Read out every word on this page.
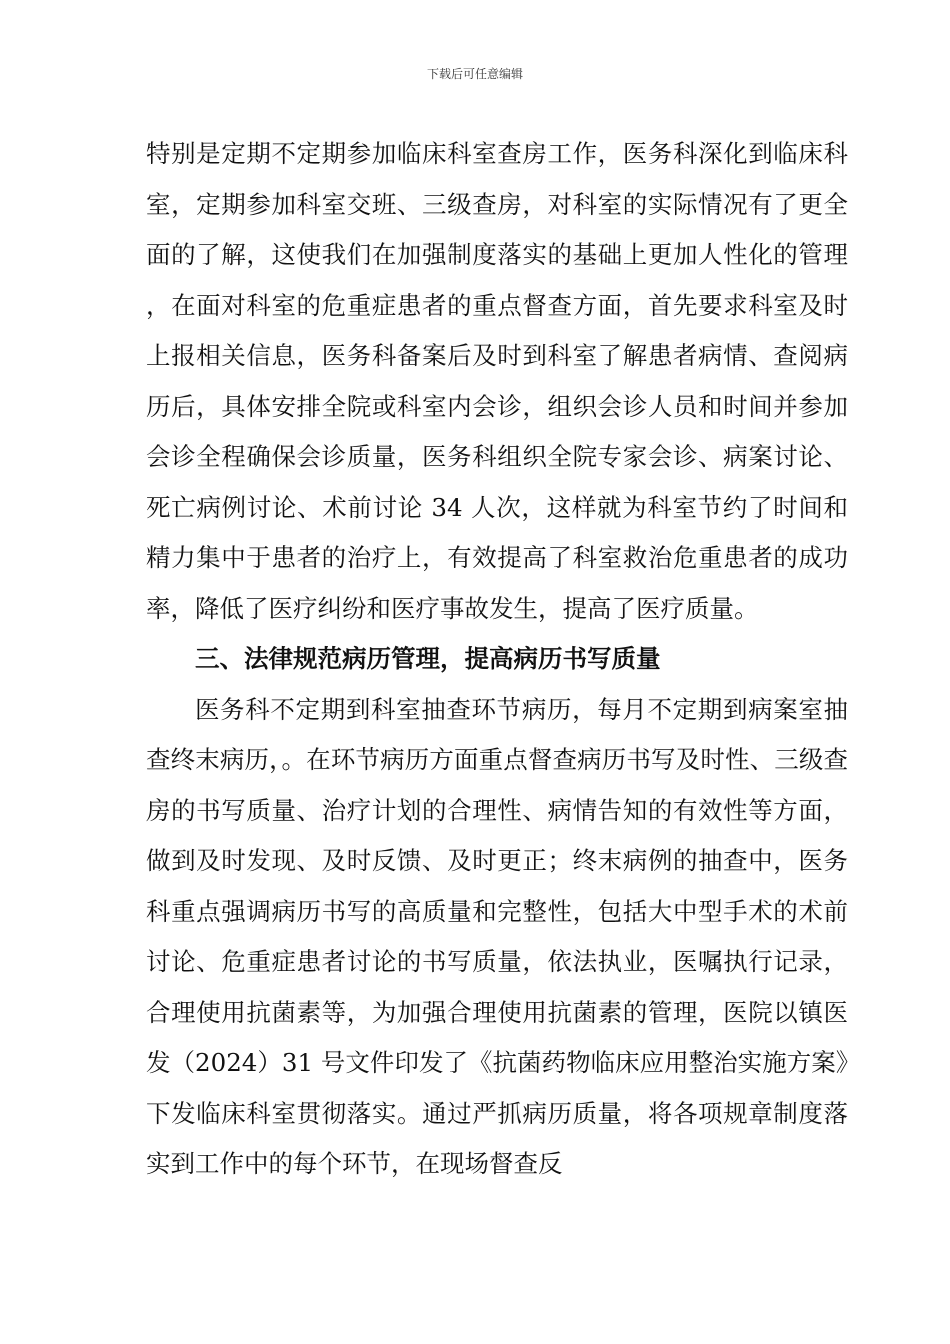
下载后可任意编辑

特别是定期不定期参加临床科室查房工作，医务科深化到临床科室，定期参加科室交班、三级查房，对科室的实际情况有了更全面的了解，这使我们在加强制度落实的基础上更加人性化的管理，在面对科室的危重症患者的重点督查方面，首先要求科室及时上报相关信息，医务科备案后及时到科室了解患者病情、查阅病历后，具体安排全院或科室内会诊，组织会诊人员和时间并参加会诊全程确保会诊质量，医务科组织全院专家会诊、病案讨论、死亡病例讨论、术前讨论 34 人次，这样就为科室节约了时间和精力集中于患者的治疗上，有效提高了科室救治危重患者的成功率，降低了医疗纠纷和医疗事故发生，提高了医疗质量。

三、法律规范病历管理，提高病历书写质量

医务科不定期到科室抽查环节病历，每月不定期到病案室抽查终末病历，。在环节病历方面重点督查病历书写及时性、三级查房的书写质量、治疗计划的合理性、病情告知的有效性等方面，做到及时发现、及时反馈、及时更正；终末病例的抽查中，医务科重点强调病历书写的高质量和完整性，包括大中型手术的术前讨论、危重症患者讨论的书写质量，依法执业，医嘱执行记录，合理使用抗菌素等，为加强合理使用抗菌素的管理，医院以镇医发（2024）31 号文件印发了《抗菌药物临床应用整治实施方案》下发临床科室贯彻落实。通过严抓病历质量，将各项规章制度落实到工作中的每个环节，在现场督查反
